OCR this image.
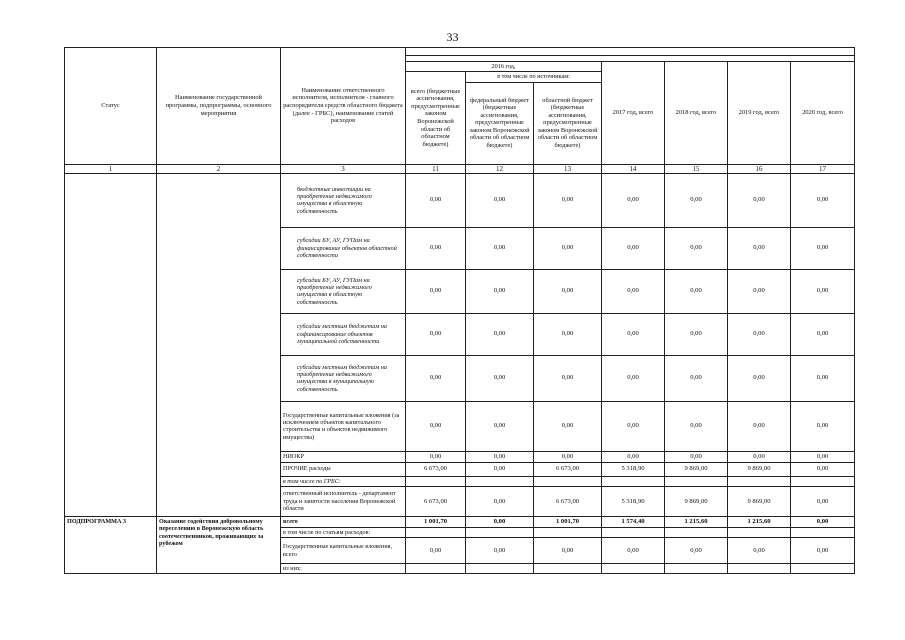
33
Статус	Наименование государственной программы, подпрограммы, основного мероприятия	Наименование ответственного исполнителя, исполнителя - главного распорядителя средств областного бюджета (далее - ГРБС), наименование статей расходов							

			2016 год,			2017 год, всего	2018 год, всего	2019 год, всего	2020 год, всего
			всего (бюджетные ассигнования, предусмотренные законом Воронежской области об областном бюджете)	в том числе по источникам:					
				федеральный бюджет (бюджетные ассигнования, предусмотренные законом Воронежской области об областном бюджете)	областной бюджет (бюджетные ассигнования, предусмотренные законом Воронежской области об областном бюджете)				
1	2	3	11	12	13	14	15	16	17
		бюджетные инвестиции на приобретение недвижимого имущества в областную собственность	0,00	0,00	0,00	0,00	0,00	0,00	0,00
		субсидии БУ, АУ, ГУПам на финансирование объектов областной собственности	0,00	0,00	0,00	0,00	0,00	0,00	0,00
		субсидии БУ, АУ, ГУПам на приобретение недвижимого имущества в областную собственность	0,00	0,00	0,00	0,00	0,00	0,00	0,00
		субсидии местным бюджетам на софинансирование объектов муниципальной собственности	0,00	0,00	0,00	0,00	0,00	0,00	0,00
		субсидии местным бюджетам на приобретение недвижимого имущества в муниципальную собственность	0,00	0,00	0,00	0,00	0,00	0,00	0,00
		Государственные капитальные вложения (за исключением объектов капитального строительства и объектов недвижимого имущества)	0,00	0,00	0,00	0,00	0,00	0,00	0,00
		НИОКР	0,00	0,00	0,00	0,00	0,00	0,00	0,00
		ПРОЧИЕ расходы	6 673,00	0,00	6 673,00	5 318,90	9 869,00	9 869,00	0,00
		в том числе по ГРБС:							
		ответственный исполнитель - департамент труда и занятости населения Воронежской области	6 673,00	0,00	6 673,00	5 318,90	9 869,00	9 869,00	0,00
ПОДПРОГРАММА 3	Оказание содействия добровольному переселению в Воронежскую область соотечественников, проживающих за рубежом	всего	1 001,70	0,00	1 001,70	1 574,40	1 215,60	1 215,60	0,00
		в том числе по статьям расходов:							
		Государственные капитальные вложения, всего	0,00	0,00	0,00	0,00	0,00	0,00	0,00
		из них:							
